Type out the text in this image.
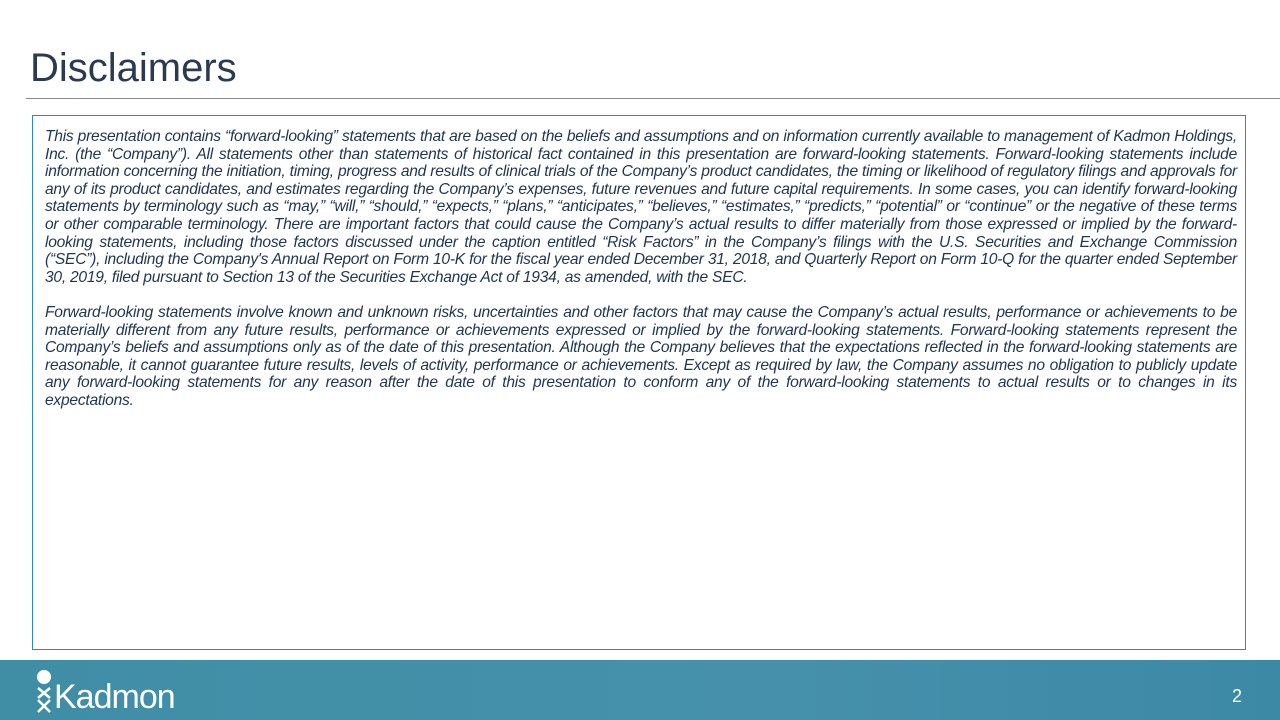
Disclaimers

This presentation contains “forward-looking” statements that are based on the beliefs and assumptions and on information currently available to management of Kadmon Holdings, Inc. (the “Company”). All statements other than statements of historical fact contained in this presentation are forward-looking statements. Forward-looking statements include information concerning the initiation, timing, progress and results of clinical trials of the Company’s product candidates, the timing or likelihood of regulatory filings and approvals for any of its product candidates, and estimates regarding the Company’s expenses, future revenues and future capital requirements. In some cases, you can identify forward-looking statements by terminology such as “may,” “will,” “should,” “expects,” “plans,” “anticipates,” “believes,” “estimates,” “predicts,” “potential” or “continue” or the negative of these terms or other comparable terminology. There are important factors that could cause the Company’s actual results to differ materially from those expressed or implied by the forward-looking statements, including those factors discussed under the caption entitled “Risk Factors” in the Company’s filings with the U.S. Securities and Exchange Commission (“SEC”), including the Company's Annual Report on Form 10-K for the fiscal year ended December 31, 2018, and Quarterly Report on Form 10-Q for the quarter ended September 30, 2019, filed pursuant to Section 13 of the Securities Exchange Act of 1934, as amended, with the SEC.

Forward-looking statements involve known and unknown risks, uncertainties and other factors that may cause the Company’s actual results, performance or achievements to be materially different from any future results, performance or achievements expressed or implied by the forward-looking statements. Forward-looking statements represent the Company’s beliefs and assumptions only as of the date of this presentation. Although the Company believes that the expectations reflected in the forward-looking statements are reasonable, it cannot guarantee future results, levels of activity, performance or achievements. Except as required by law, the Company assumes no obligation to publicly update any forward-looking statements for any reason after the date of this presentation to conform any of the forward-looking statements to actual results or to changes in its expectations.

Kadmon	2
